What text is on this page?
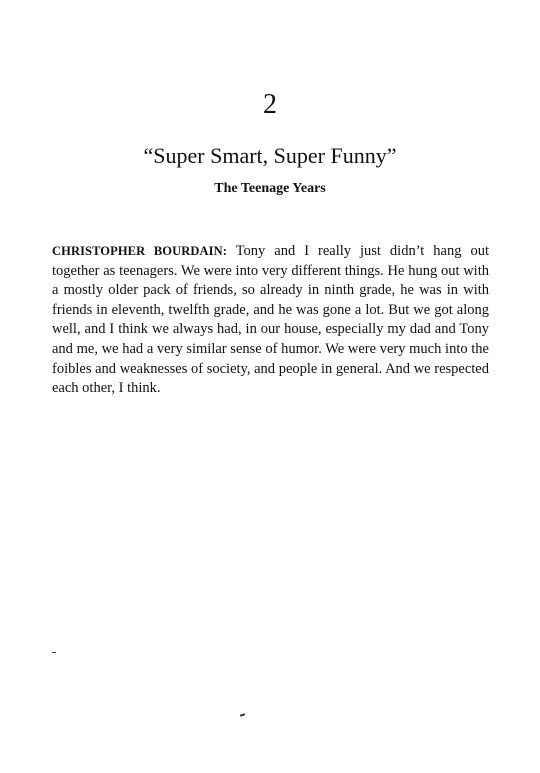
2
“Super Smart, Super Funny”
The Teenage Years

CHRISTOPHER BOURDAIN: Tony and I really just didn’t hang out together as teenagers. We were into very different things. He hung out with a mostly older pack of friends, so already in ninth grade, he was in with friends in eleventh, twelfth grade, and he was gone a lot. But we got along well, and I think we always had, in our house, especially my dad and Tony and me, we had a very similar sense of humor. We were very much into the foibles and weaknesses of society, and people in general. And we respected each other, I think.
